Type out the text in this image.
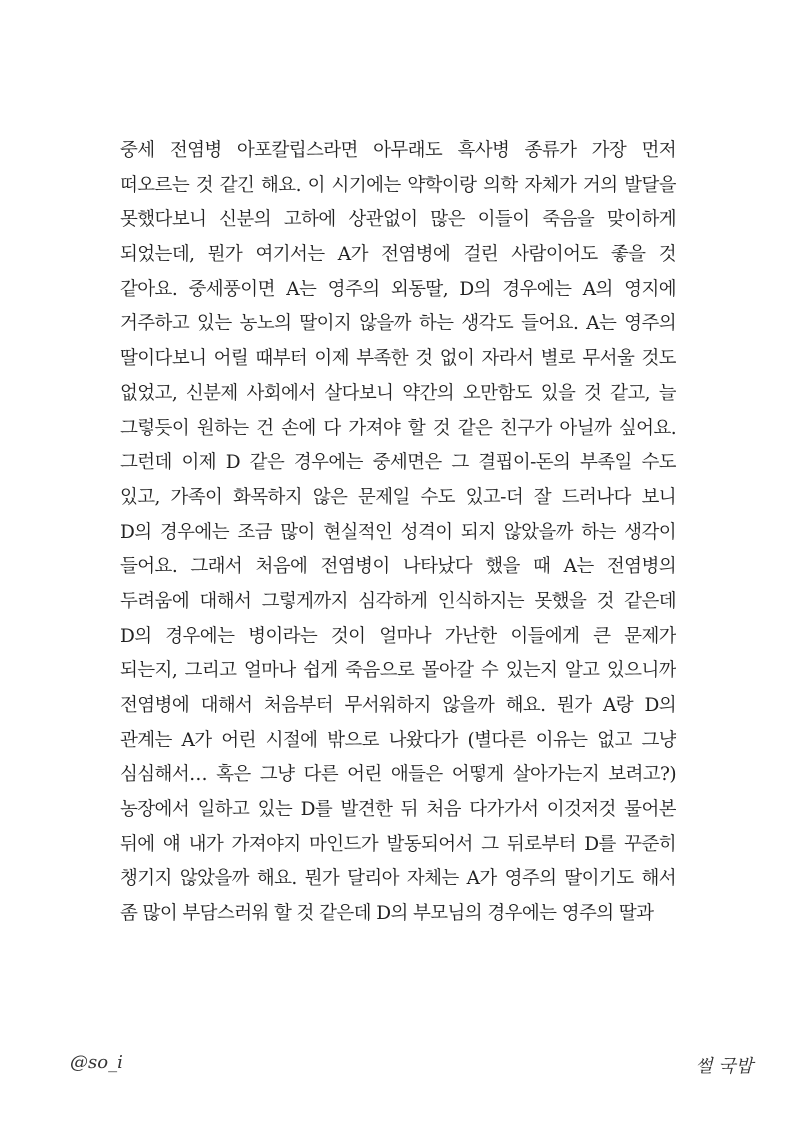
중세 전염병 아포칼립스라면 아무래도 흑사병 종류가 가장 먼저
떠오르는 것 같긴 해요. 이 시기에는 약학이랑 의학 자체가 거의 발달을
못했다보니 신분의 고하에 상관없이 많은 이들이 죽음을 맞이하게
되었는데, 뭔가 여기서는 A가 전염병에 걸린 사람이어도 좋을 것
같아요. 중세풍이면 A는 영주의 외동딸, D의 경우에는 A의 영지에
거주하고 있는 농노의 딸이지 않을까 하는 생각도 들어요. A는 영주의
딸이다보니 어릴 때부터 이제 부족한 것 없이 자라서 별로 무서울 것도
없었고, 신분제 사회에서 살다보니 약간의 오만함도 있을 것 같고, 늘
그렇듯이 원하는 건 손에 다 가져야 할 것 같은 친구가 아닐까 싶어요.
그런데 이제 D 같은 경우에는 중세면은 그 결핍이-돈의 부족일 수도
있고, 가족이 화목하지 않은 문제일 수도 있고-더 잘 드러나다 보니
D의 경우에는 조금 많이 현실적인 성격이 되지 않았을까 하는 생각이
들어요. 그래서 처음에 전염병이 나타났다 했을 때 A는 전염병의
두려움에 대해서 그렇게까지 심각하게 인식하지는 못했을 것 같은데
D의 경우에는 병이라는 것이 얼마나 가난한 이들에게 큰 문제가
되는지, 그리고 얼마나 쉽게 죽음으로 몰아갈 수 있는지 알고 있으니까
전염병에 대해서 처음부터 무서워하지 않을까 해요. 뭔가 A랑 D의
관계는 A가 어린 시절에 밖으로 나왔다가 (별다른 이유는 없고 그냥
심심해서… 혹은 그냥 다른 어린 애들은 어떻게 살아가는지 보려고?)
농장에서 일하고 있는 D를 발견한 뒤 처음 다가가서 이것저것 물어본
뒤에 얘 내가 가져야지 마인드가 발동되어서 그 뒤로부터 D를 꾸준히
챙기지 않았을까 해요. 뭔가 달리아 자체는 A가 영주의 딸이기도 해서
좀 많이 부담스러워 할 것 같은데 D의 부모님의 경우에는 영주의 딸과
@so_i	썰 국밥
